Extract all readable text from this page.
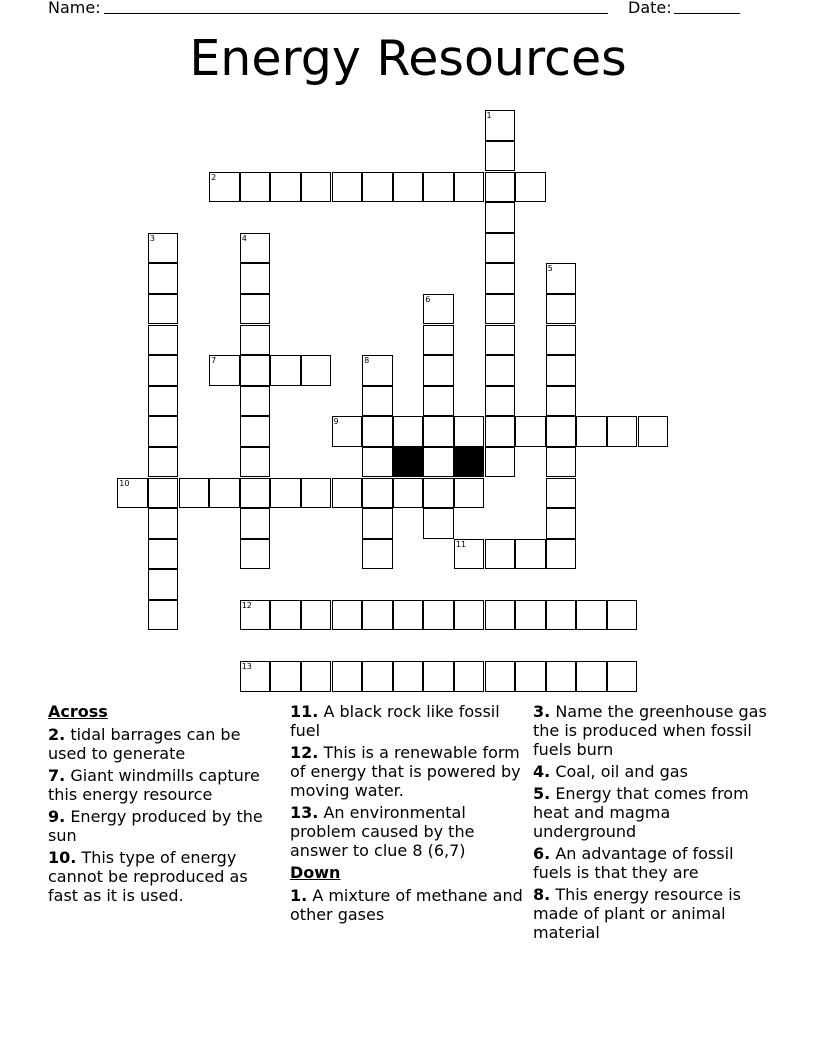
Name:	Date:
Energy Resources
1
2
3	4
5
6
7	8
9
10
11
12
13
Across
2. tidal barrages can be used to generate
7. Giant windmills capture this energy resource
9. Energy produced by the sun
10. This type of energy cannot be reproduced as fast as it is used.
11. A black rock like fossil fuel
12. This is a renewable form of energy that is powered by moving water.
13. An environmental problem caused by the answer to clue 8 (6,7)
Down
1. A mixture of methane and other gases
3. Name the greenhouse gas the is produced when fossil fuels burn
4. Coal, oil and gas
5. Energy that comes from heat and magma underground
6. An advantage of fossil fuels is that they are
8. This energy resource is made of plant or animal material
